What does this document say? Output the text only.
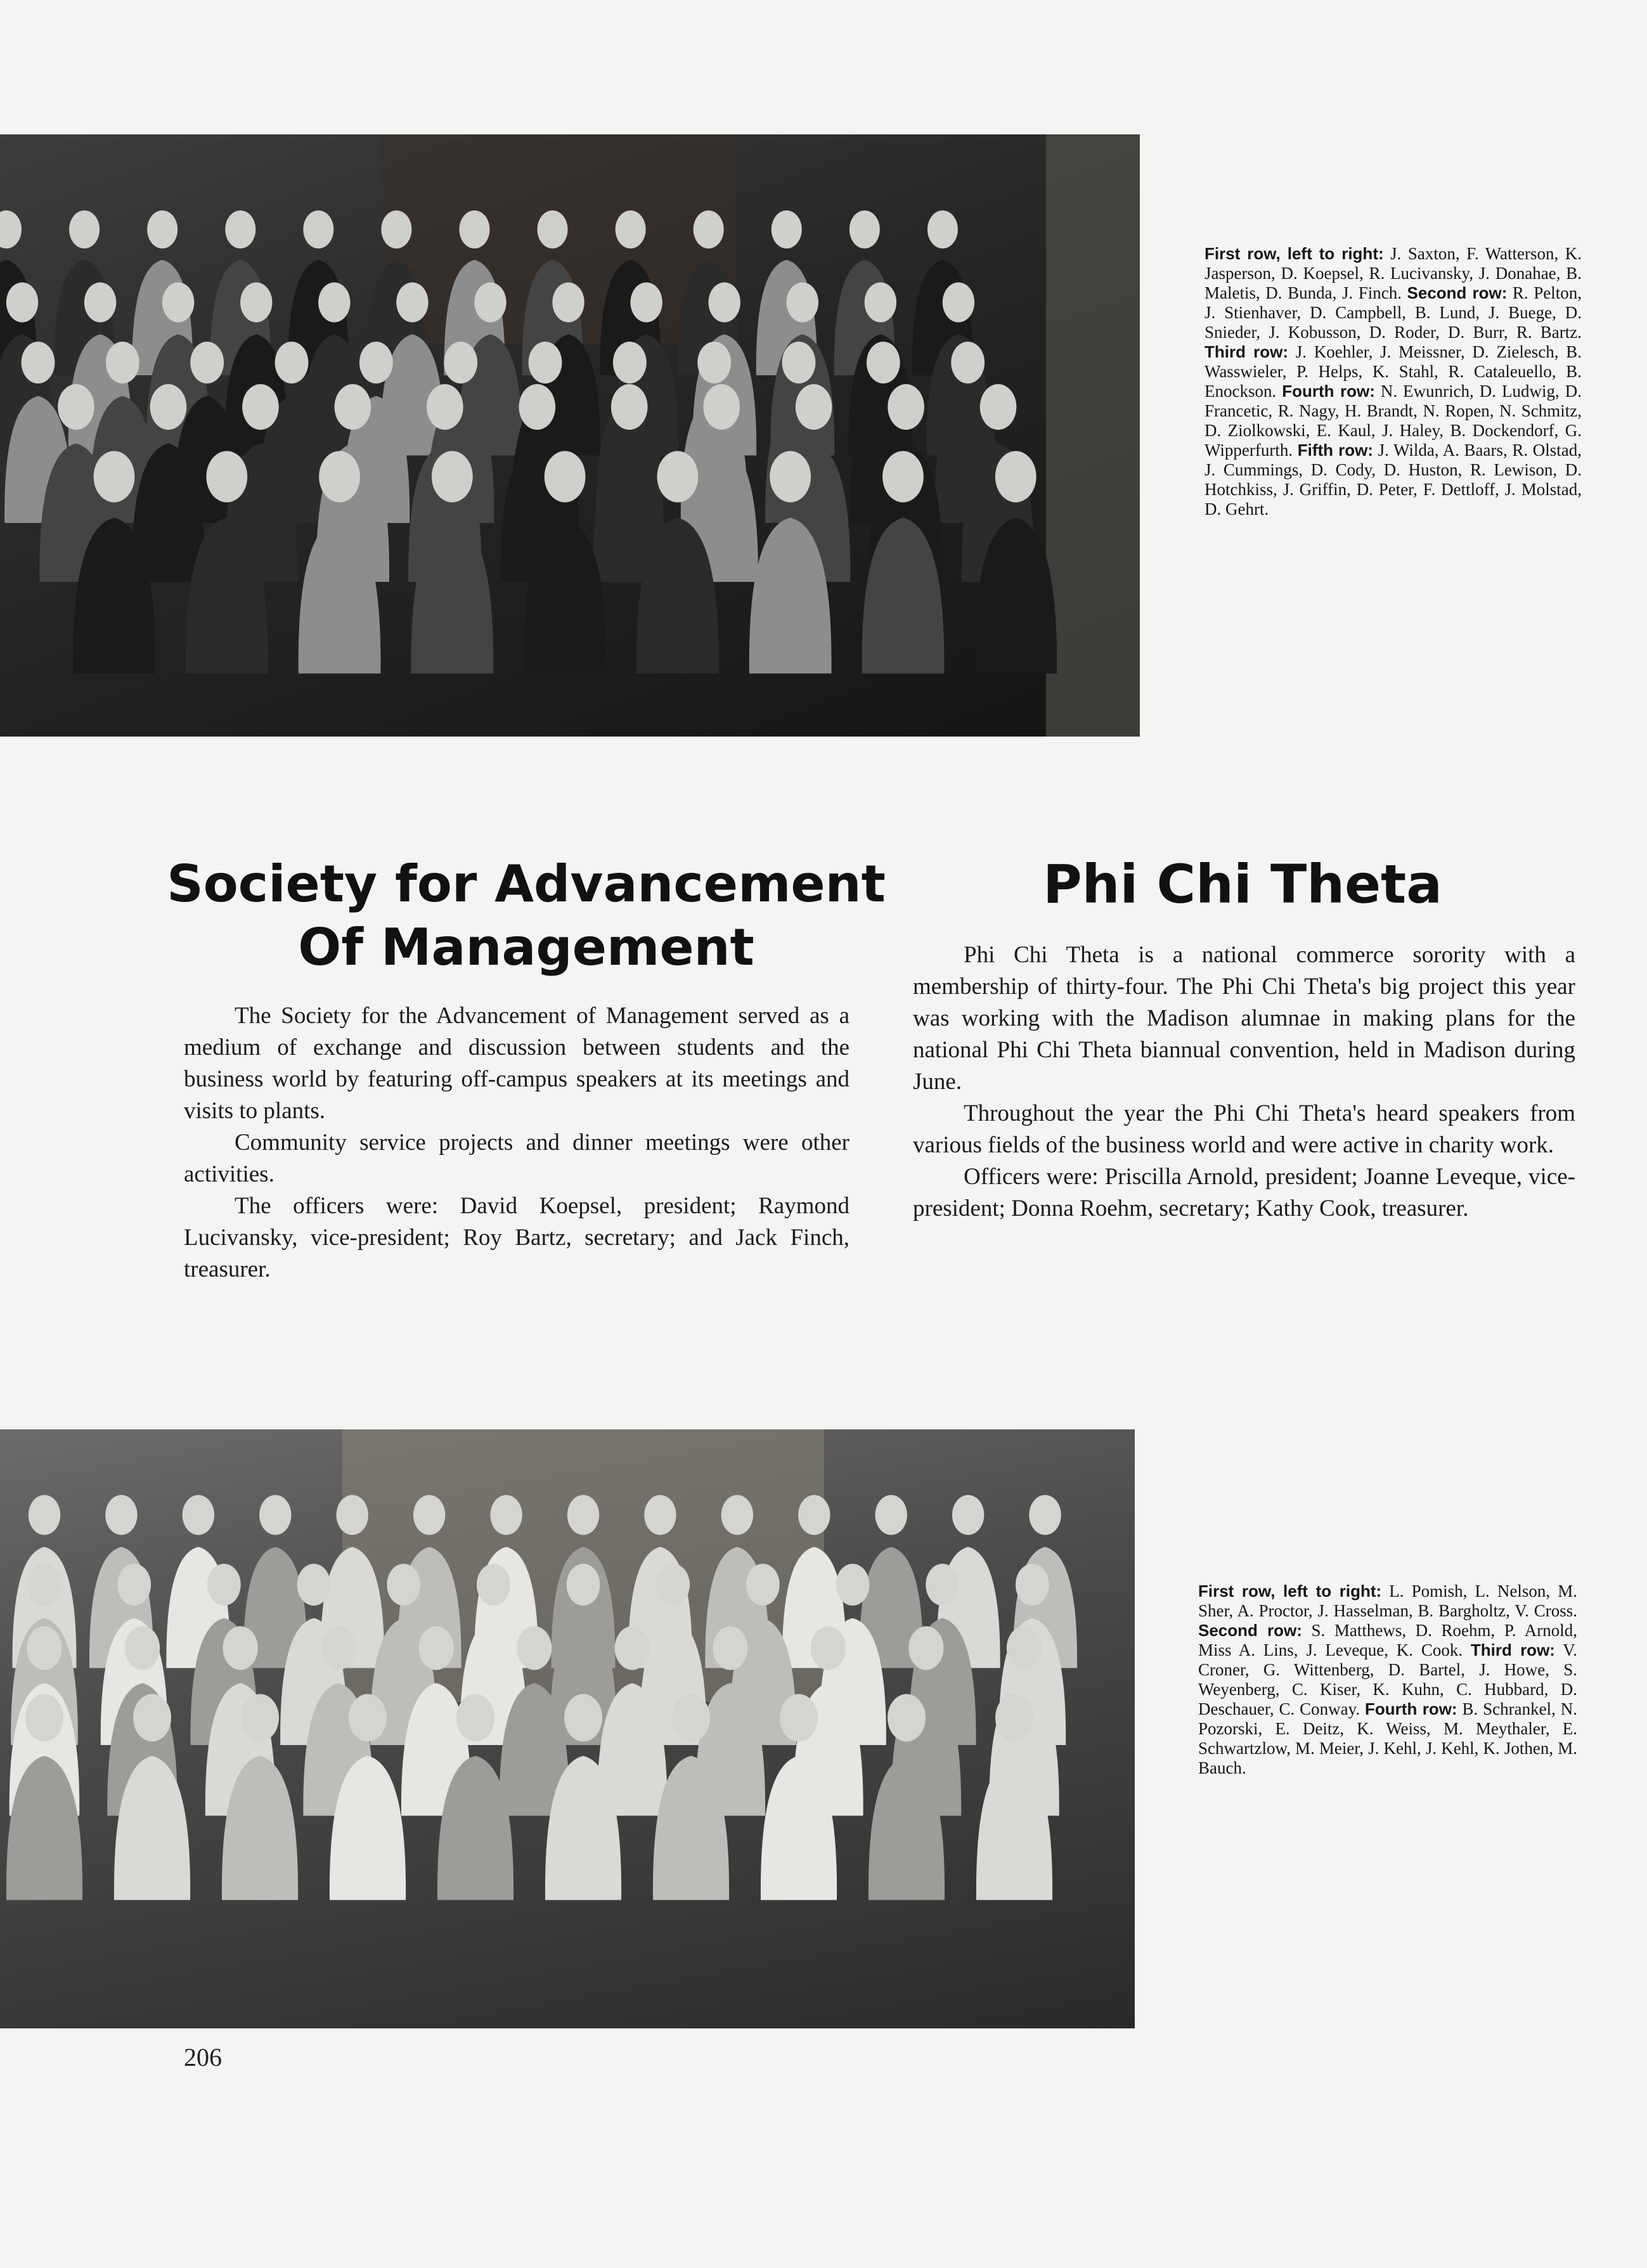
First row, left to right: J. Saxton, F. Watterson, K. Jasperson, D. Koepsel, R. Lucivansky, J. Donahae, B. Maletis, D. Bunda, J. Finch. Second row: R. Pelton, J. Stienhaver, D. Campbell, B. Lund, J. Buege, D. Snieder, J. Kobusson, D. Roder, D. Burr, R. Bartz. Third row: J. Koehler, J. Meissner, D. Zielesch, B. Wasswieler, P. Helps, K. Stahl, R. Cataleuello, B. Enockson. Fourth row: N. Ewunrich, D. Ludwig, D. Francetic, R. Nagy, H. Brandt, N. Ropen, N. Schmitz, D. Ziolkowski, E. Kaul, J. Haley, B. Dockendorf, G. Wipperfurth. Fifth row: J. Wilda, A. Baars, R. Olstad, J. Cummings, D. Cody, D. Huston, R. Lewison, D. Hotchkiss, J. Griffin, D. Peter, F. Dettloff, J. Molstad, D. Gehrt.
Society for Advancement
Of Management

The Society for the Advancement of Management served as a medium of exchange and discussion between students and the business world by featuring off-campus speakers at its meetings and visits to plants.

Community service projects and dinner meetings were other activities.

The officers were: David Koepsel, president; Raymond Lucivansky, vice-president; Roy Bartz, secretary; and Jack Finch, treasurer.

Phi Chi Theta

Phi Chi Theta is a national commerce sorority with a membership of thirty-four. The Phi Chi Theta's big project this year was working with the Madison alumnae in making plans for the national Phi Chi Theta biannual convention, held in Madison during June.

Throughout the year the Phi Chi Theta's heard speakers from various fields of the business world and were active in charity work.

Officers were: Priscilla Arnold, president; Joanne Leveque, vice-president; Donna Roehm, secretary; Kathy Cook, treasurer.

First row, left to right: L. Pomish, L. Nelson, M. Sher, A. Proctor, J. Hasselman, B. Bargholtz, V. Cross. Second row: S. Matthews, D. Roehm, P. Arnold, Miss A. Lins, J. Leveque, K. Cook. Third row: V. Croner, G. Wittenberg, D. Bartel, J. Howe, S. Weyenberg, C. Kiser, K. Kuhn, C. Hubbard, D. Deschauer, C. Conway. Fourth row: B. Schrankel, N. Pozorski, E. Deitz, K. Weiss, M. Meythaler, E. Schwartzlow, M. Meier, J. Kehl, J. Kehl, K. Jothen, M. Bauch.
206
